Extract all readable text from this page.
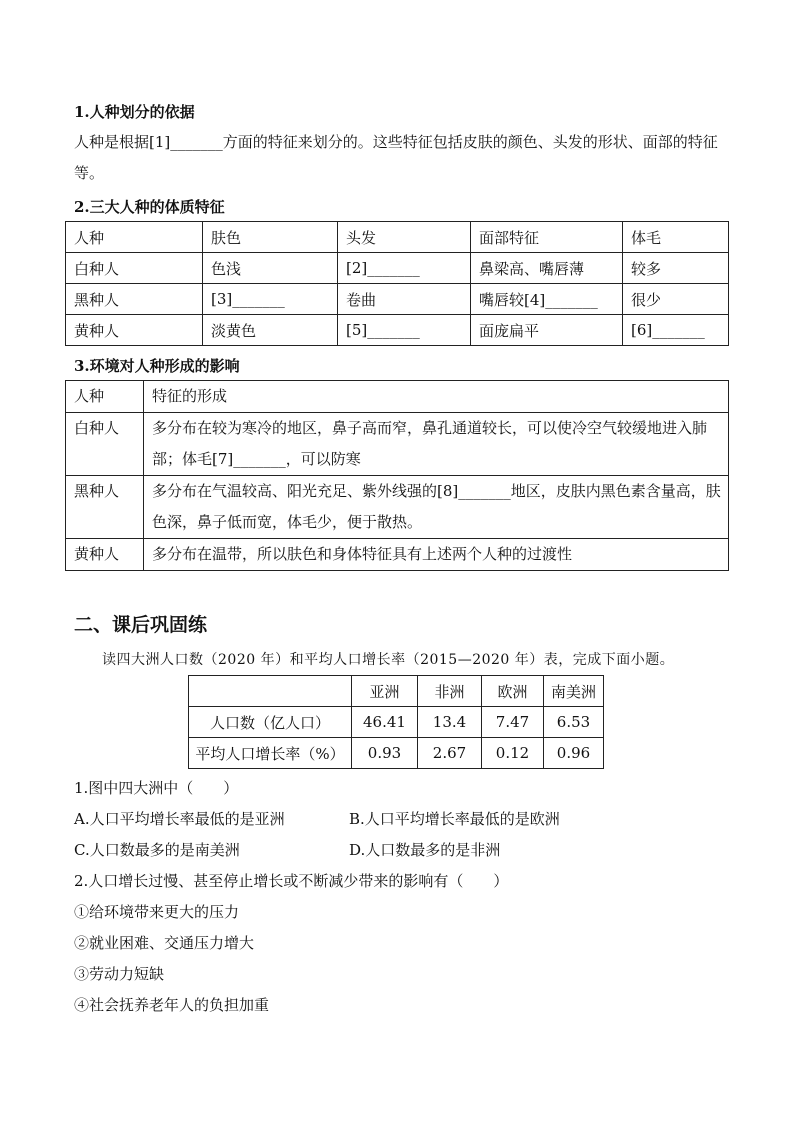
1.人种划分的依据
人种是根据[1]_______方面的特征来划分的。这些特征包括皮肤的颜色、头发的形状、面部的特征等。
2.三大人种的体质特征
人种	肤色	头发	面部特征	体毛
白种人	色浅	[2]_______	鼻梁高、嘴唇薄	较多
黑种人	[3]_______	卷曲	嘴唇较[4]_______	很少
黄种人	淡黄色	[5]_______	面庞扁平	[6]_______
3.环境对人种形成的影响
人种	特征的形成
白种人	多分布在较为寒冷的地区，鼻子高而窄，鼻孔通道较长，可以使冷空气较缓地进入肺部；体毛[7]_______，可以防寒
黑种人	多分布在气温较高、阳光充足、紫外线强的[8]_______地区，皮肤内黑色素含量高，肤色深，鼻子低而宽，体毛少，便于散热。
黄种人	多分布在温带，所以肤色和身体特征具有上述两个人种的过渡性
二、课后巩固练
读四大洲人口数（2020 年）和平均人口增长率（2015—2020 年）表，完成下面小题。
	亚洲	非洲	欧洲	南美洲
人口数（亿人口）	46.41	13.4	7.47	6.53
平均人口增长率（%）	0.93	2.67	0.12	0.96
1.图中四大洲中（　　）
A.人口平均增长率最低的是亚洲	B.人口平均增长率最低的是欧洲
C.人口数最多的是南美洲	D.人口数最多的是非洲
2.人口增长过慢、甚至停止增长或不断减少带来的影响有（　　）
①给环境带来更大的压力
②就业困难、交通压力增大
③劳动力短缺
④社会抚养老年人的负担加重
